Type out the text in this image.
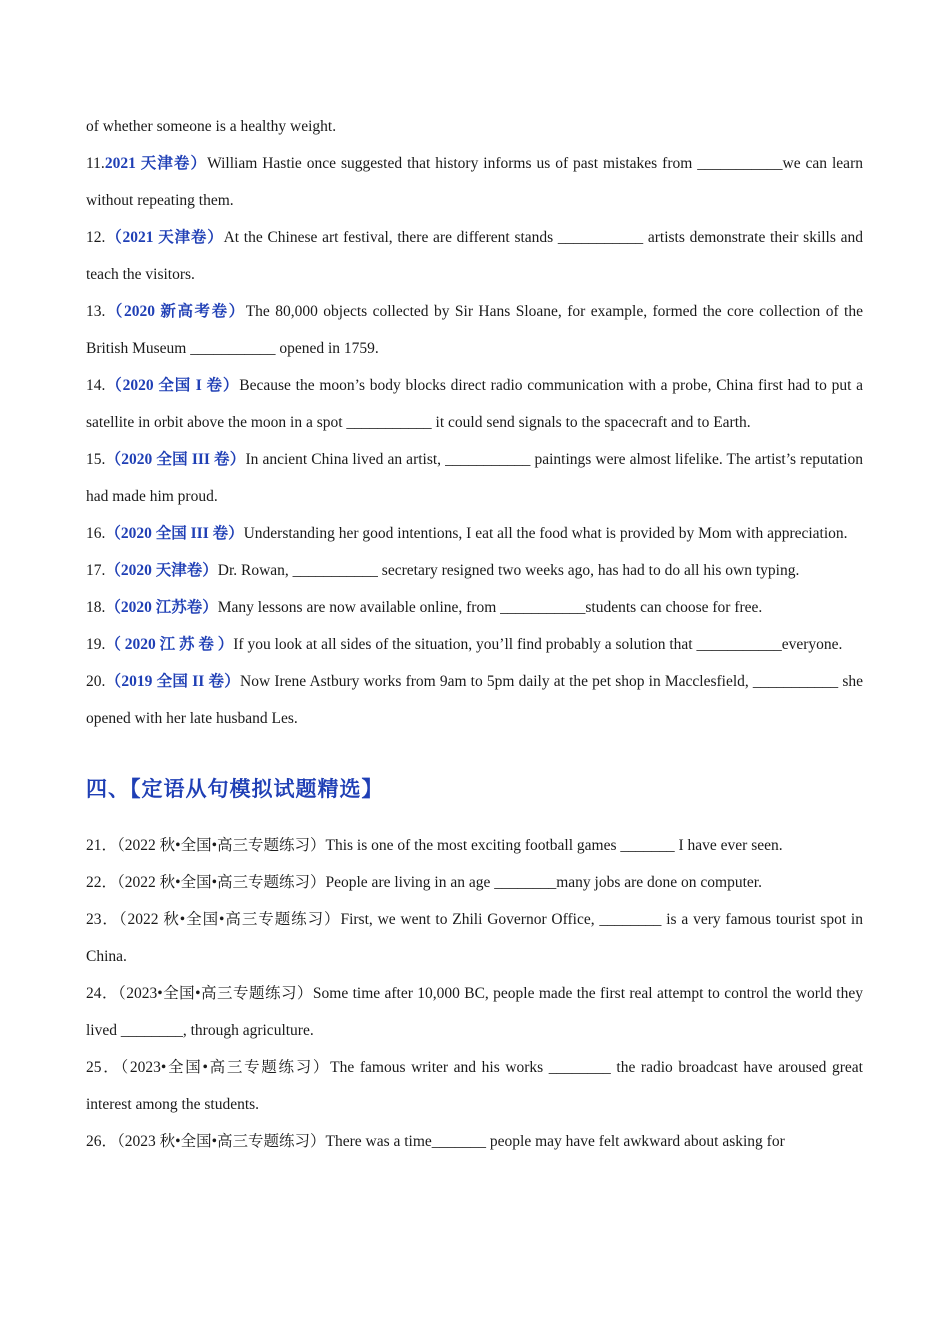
of whether someone is a healthy weight.

11.2021 天津卷）William Hastie once suggested that history informs us of past mistakes from ___________we can learn without repeating them.

12.（2021 天津卷）At the Chinese art festival, there are different stands ___________ artists demonstrate their skills and teach the visitors.

13.（2020 新高考卷）The 80,000 objects collected by Sir Hans Sloane, for example, formed the core collection of the British Museum ___________ opened in 1759.

14.（2020 全国 I 卷）Because the moon’s body blocks direct radio communication with a probe, China first had to put a satellite in orbit above the moon in a spot ___________ it could send signals to the spacecraft and to Earth.

15.（2020 全国 III 卷）In ancient China lived an artist, ___________ paintings were almost lifelike. The artist’s reputation had made him proud.

16.（2020 全国 III 卷）Understanding her good intentions, I eat all the food what is provided by Mom with appreciation.

17.（2020 天津卷）Dr. Rowan, ___________ secretary resigned two weeks ago, has had to do all his own typing.

18.（2020 江苏卷）Many lessons are now available online, from ___________students can choose for free.

19.（ 2020 江 苏 卷 ）If you look at all sides of the situation, you’ll find probably a solution that ___________everyone.

20.（2019 全国 II 卷）Now Irene Astbury works from 9am to 5pm daily at the pet shop in Macclesfield, ___________ she opened with her late husband Les.

四、【定语从句模拟试题精选】

21．（2022 秋•全国•高三专题练习）This is one of the most exciting football games _______ I have ever seen.

22．（2022 秋•全国•高三专题练习）People are living in an age ________many jobs are done on computer.

23．（2022 秋•全国•高三专题练习）First, we went to Zhili Governor Office, ________ is a very famous tourist spot in China.

24．（2023•全国•高三专题练习）Some time after 10,000 BC, people made the first real attempt to control the world they lived ________, through agriculture.

25．（2023•全国•高三专题练习）The famous writer and his works ________ the radio broadcast have aroused great interest among the students.

26．（2023 秋•全国•高三专题练习）There was a time_______ people may have felt awkward about asking for
